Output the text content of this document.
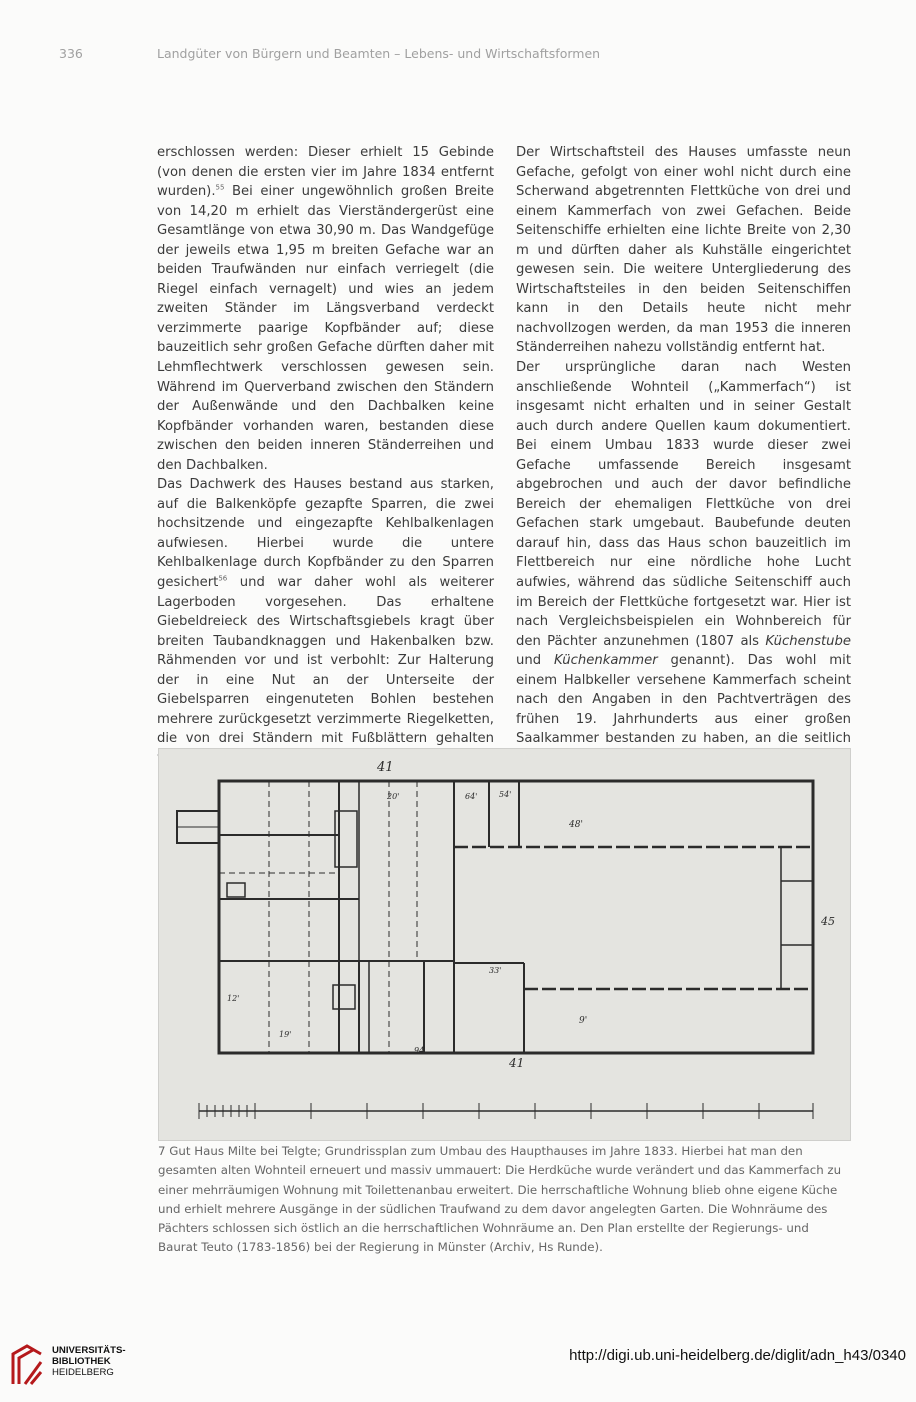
336	Landgüter von Bürgern und Beamten – Lebens- und Wirtschaftsformen

erschlossen werden: Dieser erhielt 15 Gebinde (von denen die ersten vier im Jahre 1834 entfernt wurden).$^{55}$ Bei einer ungewöhnlich großen Breite von 14,20 m erhielt das Vierständergerüst eine Gesamtlänge von etwa 30,90 m. Das Wandgefüge der jeweils etwa 1,95 m breiten Gefache war an beiden Traufwänden nur einfach verriegelt (die Riegel einfach vernagelt) und wies an jedem zweiten Ständer im Längsverband verdeckt verzimmerte paarige Kopfbänder auf; diese bauzeitlich sehr großen Gefache dürften daher mit Lehmflechtwerk verschlossen gewesen sein. Während im Querverband zwischen den Ständern der Außenwände und den Dachbalken keine Kopfbänder vorhanden waren, bestanden diese zwischen den beiden inneren Ständerreihen und den Dachbalken.

Das Dachwerk des Hauses bestand aus starken, auf die Balkenköpfe gezapfte Sparren, die zwei hochsitzende und eingezapfte Kehlbalkenlagen aufwiesen. Hierbei wurde die untere Kehlbalkenlage durch Kopfbänder zu den Sparren gesichert$^{56}$ und war daher wohl als weiterer Lagerboden vorgesehen. Das erhaltene Giebeldreieck des Wirtschaftsgiebels kragt über breiten Taubandknaggen und Hakenbalken bzw. Rähmenden vor und ist verbohlt: Zur Halterung der in eine Nut an der Unterseite der Giebelsparren eingenuteten Bohlen bestehen mehrere zurückgesetzt verzimmerte Riegelketten, die von drei Ständern mit Fußblättern gehalten

Der Wirtschaftsteil des Hauses umfasste neun Gefache, gefolgt von einer wohl nicht durch eine Scherwand abgetrennten Flettküche von drei und einem Kammerfach von zwei Gefachen. Beide Seitenschiffe erhielten eine lichte Breite von 2,30 m und dürften daher als Kuhställe eingerichtet gewesen sein. Die weitere Untergliederung des Wirtschaftsteiles in den beiden Seitenschiffen kann in den Details heute nicht mehr nachvollzogen werden, da man 1953 die inneren Ständerreihen nahezu vollständig entfernt hat.

Der ursprüngliche daran nach Westen anschließende Wohnteil („Kammerfach“) ist insgesamt nicht erhalten und in seiner Gestalt auch durch andere Quellen kaum dokumentiert. Bei einem Umbau 1833 wurde dieser zwei Gefache umfassende Bereich insgesamt abgebrochen und auch der davor befindliche Bereich der ehemaligen Flettküche von drei Gefachen stark umgebaut. Baubefunde deuten darauf hin, dass das Haus schon bauzeitlich im Flettbereich nur eine nördliche hohe Lucht aufwies, während das südliche Seitenschiff auch im Bereich der Flettküche fortgesetzt war. Hier ist nach Vergleichsbeispielen ein Wohnbereich für den Pächter anzunehmen (1807 als Küchenstube und Küchenkammer genannt). Das wohl mit einem Halbkeller versehene Kammerfach scheint nach den Angaben in den Pachtverträgen des frühen 19. Jahrhunderts aus einer großen Saalkammer bestanden zu haben, an die seitlich

41
41
45
64'	54'
48'
20'
33'
9'
12'
19'
94
7 Gut Haus Milte bei Telgte; Grundrissplan zum Umbau des Haupthauses im Jahre 1833. Hierbei hat man den gesamten alten Wohnteil erneuert und massiv ummauert: Die Herdküche wurde verändert und das Kammerfach zu einer mehrräumigen Wohnung mit Toilettenanbau erweitert. Die herrschaftliche Wohnung blieb ohne eigene Küche und erhielt mehrere Ausgänge in der südlichen Traufwand zu dem davor angelegten Garten. Die Wohnräume des Pächters schlossen sich östlich an die herrschaftlichen Wohnräume an. Den Plan erstellte der Regierungs- und Baurat Teuto (1783-1856) bei der Regierung in Münster (Archiv, Hs Runde).
UNIVERSITÄTS-
BIBLIOTHEK
HEIDELBERG
http://digi.ub.uni-heidelberg.de/diglit/adn_h43/0340
